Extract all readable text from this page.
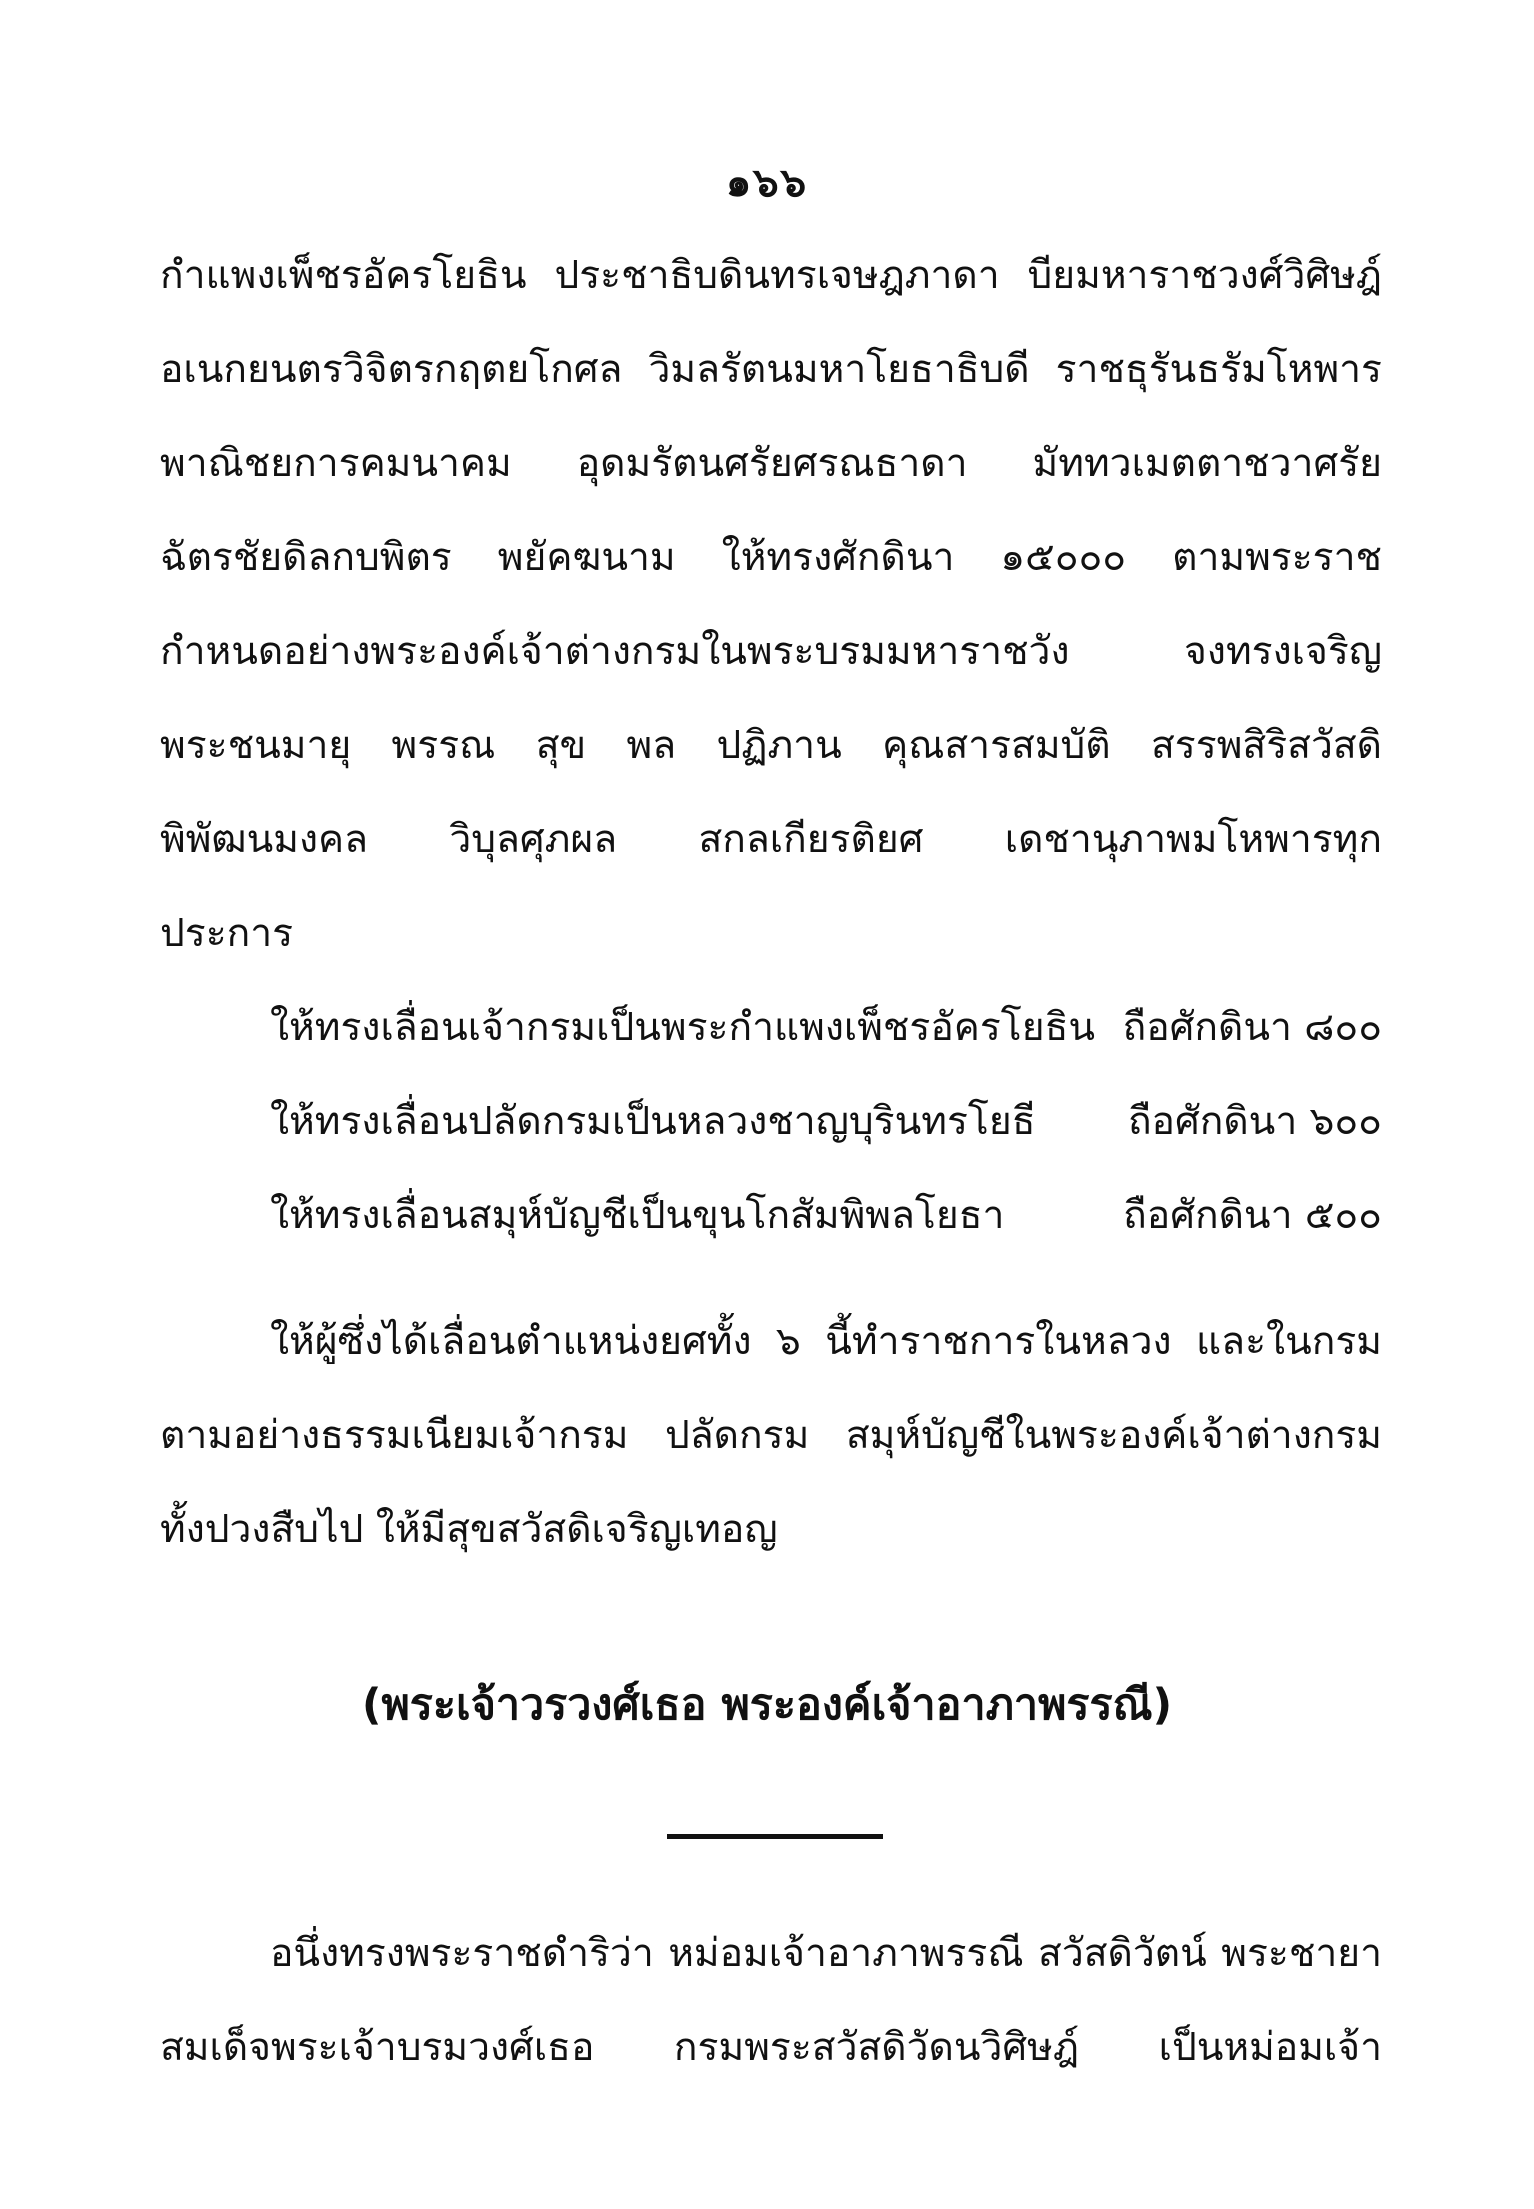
๑๖๖
กำแพงเพ็ชรอัครโยธิน ประชาธิบดินทรเจษฎภาดา บียมหาราชวงศ์วิศิษฎ์
อเนกยนตรวิจิตรกฤตยโกศล วิมลรัตนมหาโยธาธิบดี ราชธุรันธรัมโหพาร
พาณิชยการคมนาคม อุดมรัตนศรัยศรณธาดา มัททวเมตตาชวาศรัย
ฉัตรชัยดิลกบพิตร พยัคฆนาม ให้ทรงศักดินา ๑๕๐๐๐ ตามพระราช
กำหนดอย่างพระองค์เจ้าต่างกรมในพระบรมมหาราชวัง จงทรงเจริญ
พระชนมายุ พรรณ สุข พล ปฏิภาน คุณสารสมบัติ สรรพสิริสวัสดิ
พิพัฒนมงคล วิบุลศุภผล สกลเกียรติยศ เดชานุภาพมโหพารทุก
ประการ
ให้ทรงเลื่อนเจ้ากรมเป็นพระกำแพงเพ็ชรอัครโยธิน ถือศักดินา ๘๐๐
ให้ทรงเลื่อนปลัดกรมเป็นหลวงชาญบุรินทรโยธี ถือศักดินา ๖๐๐
ให้ทรงเลื่อนสมุห์บัญชีเป็นขุนโกสัมพิพลโยธา	ถือศักดินา ๕๐๐
ให้ผู้ซึ่งได้เลื่อนตำแหน่งยศทั้ง ๖ นี้ทำราชการในหลวง และในกรม
ตามอย่างธรรมเนียมเจ้ากรม ปลัดกรม สมุห์บัญชีในพระองค์เจ้าต่างกรม
ทั้งปวงสืบไป ให้มีสุขสวัสดิเจริญเทอญ
(พระเจ้าวรวงศ์เธอ พระองค์เจ้าอาภาพรรณี)
อนึ่งทรงพระราชดำริว่า หม่อมเจ้าอาภาพรรณี สวัสดิวัตน์ พระชายา
สมเด็จพระเจ้าบรมวงศ์เธอ กรมพระสวัสดิวัดนวิศิษฎ์ เป็นหม่อมเจ้า
